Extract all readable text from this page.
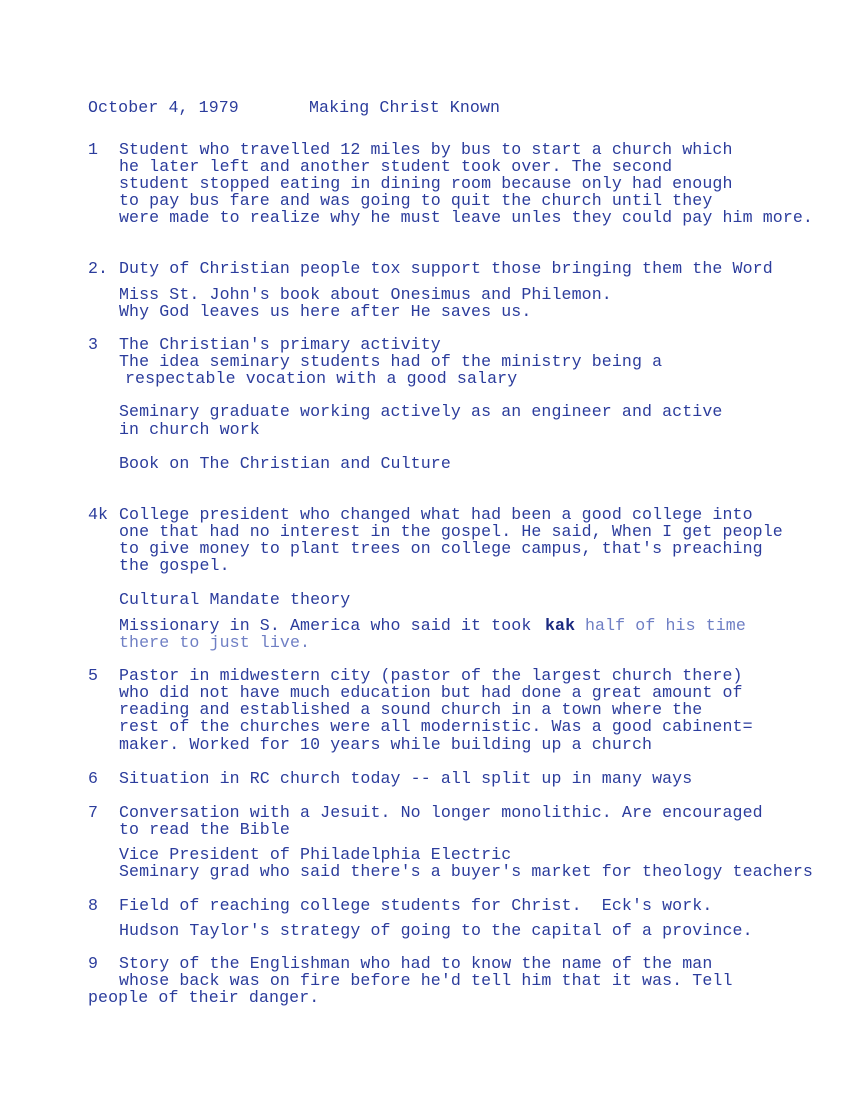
October 4, 1979	Making Christ Known
1 Student who travelled 12 miles by bus to start a church which
he later left and another student took over. The second
student stopped eating in dining room because only had enough
to pay bus fare and was going to quit the church until they
were made to realize why he must leave unles they could pay him more.
2. Duty of Christian people tox support those bringing them the Word
Miss St. John's book about Onesimus and Philemon.
Why God leaves us here after He saves us.
3 The Christian's primary activity
The idea seminary students had of the ministry being a
respectable vocation with a good salary
Seminary graduate working actively as an engineer and active
in church work
Book on The Christian and Culture
4k College president who changed what had been a good college into
one that had no interest in the gospel. He said, When I get people
to give money to plant trees on college campus, that's preaching
the gospel.
Cultural Mandate theory
Missionary in S. America who said it took kak half of his time
there to just live.
5 Pastor in midwestern city (pastor of the largest church there)
who did not have much education but had done a great amount of
reading and established a sound church in a town where the
rest of the churches were all modernistic. Was a good cabinent=
maker. Worked for 10 years while building up a church
6 Situation in RC church today -- all split up in many ways
7 Conversation with a Jesuit. No longer monolithic. Are encouraged
to read the Bible
Vice President of Philadelphia Electric
Seminary grad who said there's a buyer's market for theology teachers
8 Field of reaching college students for Christ.  Eck's work.
Hudson Taylor's strategy of going to the capital of a province.
9 Story of the Englishman who had to know the name of the man
whose back was on fire before he'd tell him that it was. Tell
people of their danger.
